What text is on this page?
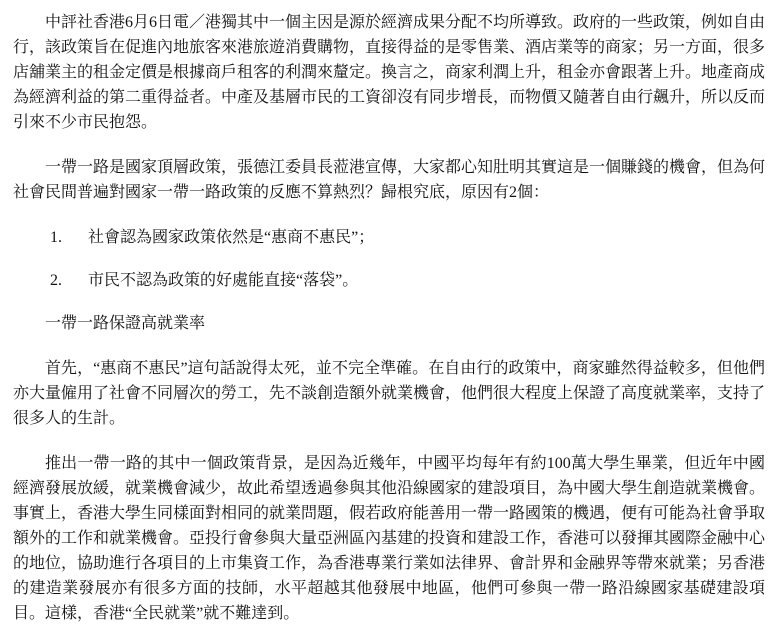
中評社香港6月6日電／港獨其中一個主因是源於經濟成果分配不均所導致。政府的一些政策，例如自由行，該政策旨在促進內地旅客來港旅遊消費購物，直接得益的是零售業、酒店業等的商家；另一方面，很多店舖業主的租金定價是根據商戶租客的利潤來釐定。換言之，商家利潤上升，租金亦會跟著上升。地產商成為經濟利益的第二重得益者。中產及基層市民的工資卻沒有同步增長，而物價又隨著自由行飆升，所以反而引來不少市民抱怨。

一帶一路是國家頂層政策，張德江委員長蒞港宣傳，大家都心知肚明其實這是一個賺錢的機會，但為何社會民間普遍對國家一帶一路政策的反應不算熱烈？歸根究底，原因有2個：

1. 社會認為國家政策依然是“惠商不惠民”；
2. 市民不認為政策的好處能直接“落袋”。

一帶一路保證高就業率

首先，“惠商不惠民”這句話說得太死，並不完全準確。在自由行的政策中，商家雖然得益較多，但他們亦大量僱用了社會不同層次的勞工，先不談創造額外就業機會，他們很大程度上保證了高度就業率，支持了很多人的生計。

推出一帶一路的其中一個政策背景，是因為近幾年，中國平均每年有約100萬大學生畢業，但近年中國經濟發展放緩，就業機會減少，故此希望透過參與其他沿線國家的建設項目，為中國大學生創造就業機會。事實上，香港大學生同樣面對相同的就業問題，假若政府能善用一帶一路國策的機遇，便有可能為社會爭取額外的工作和就業機會。亞投行會參與大量亞洲區內基建的投資和建設工作，香港可以發揮其國際金融中心的地位，協助進行各項目的上市集資工作，為香港專業行業如法律界、會計界和金融界等帶來就業；另香港的建造業發展亦有很多方面的技師，水平超越其他發展中地區，他們可參與一帶一路沿線國家基礎建設項目。這樣，香港“全民就業”就不難達到。
